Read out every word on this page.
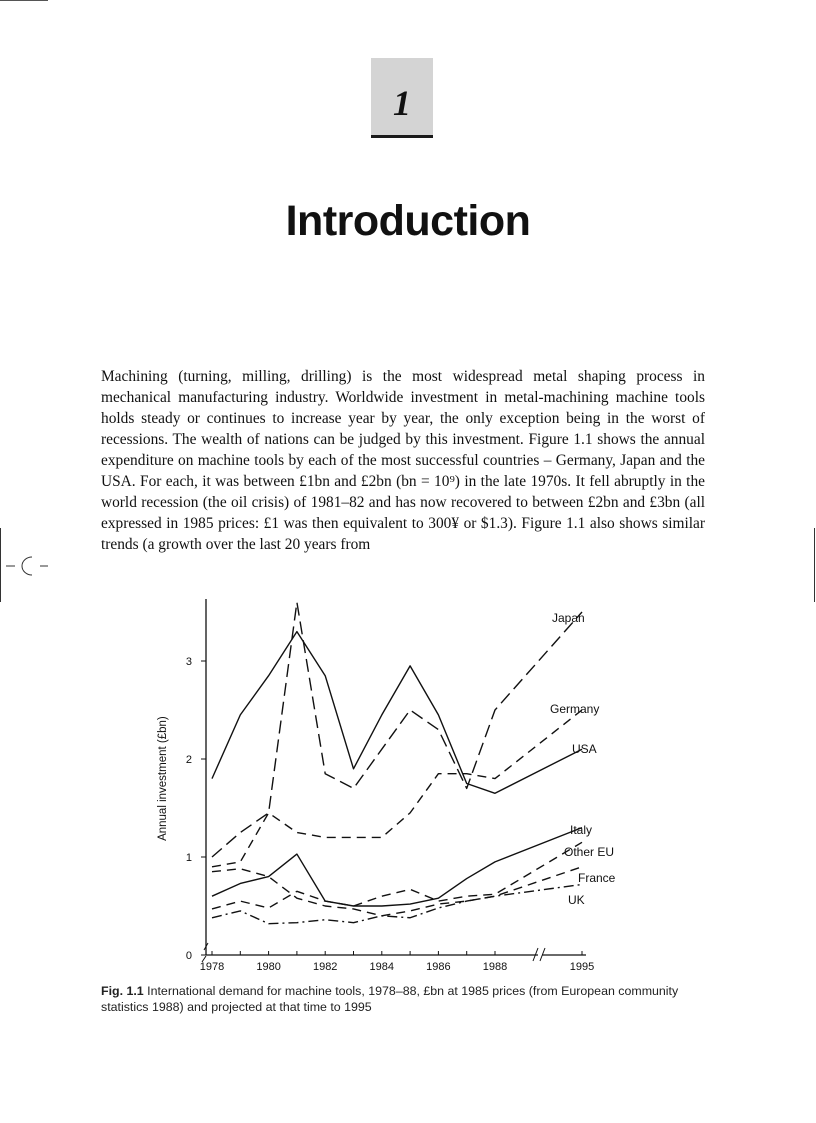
1
Introduction

Machining (turning, milling, drilling) is the most widespread metal shaping process in mechanical manufacturing industry. Worldwide investment in metal-machining machine tools holds steady or continues to increase year by year, the only exception being in the worst of recessions. The wealth of nations can be judged by this investment. Figure 1.1 shows the annual expenditure on machine tools by each of the most successful countries – Germany, Japan and the USA. For each, it was between £1bn and £2bn (bn = 10⁹) in the late 1970s. It fell abruptly in the world recession (the oil crisis) of 1981–82 and has now recovered to between £2bn and £3bn (all expressed in 1985 prices: £1 was then equivalent to 300¥ or $1.3). Figure 1.1 also shows similar trends (a growth over the last 20 years from

0
1
2
3
Annual investment (£bn)
1978	1980	1982	1984	1986	1988	1995
Japan
Germany
USA
Italy
Other EU
France
UK

Fig. 1.1 International demand for machine tools, 1978–88, £bn at 1985 prices (from European community statistics 1988) and projected at that time to 1995
